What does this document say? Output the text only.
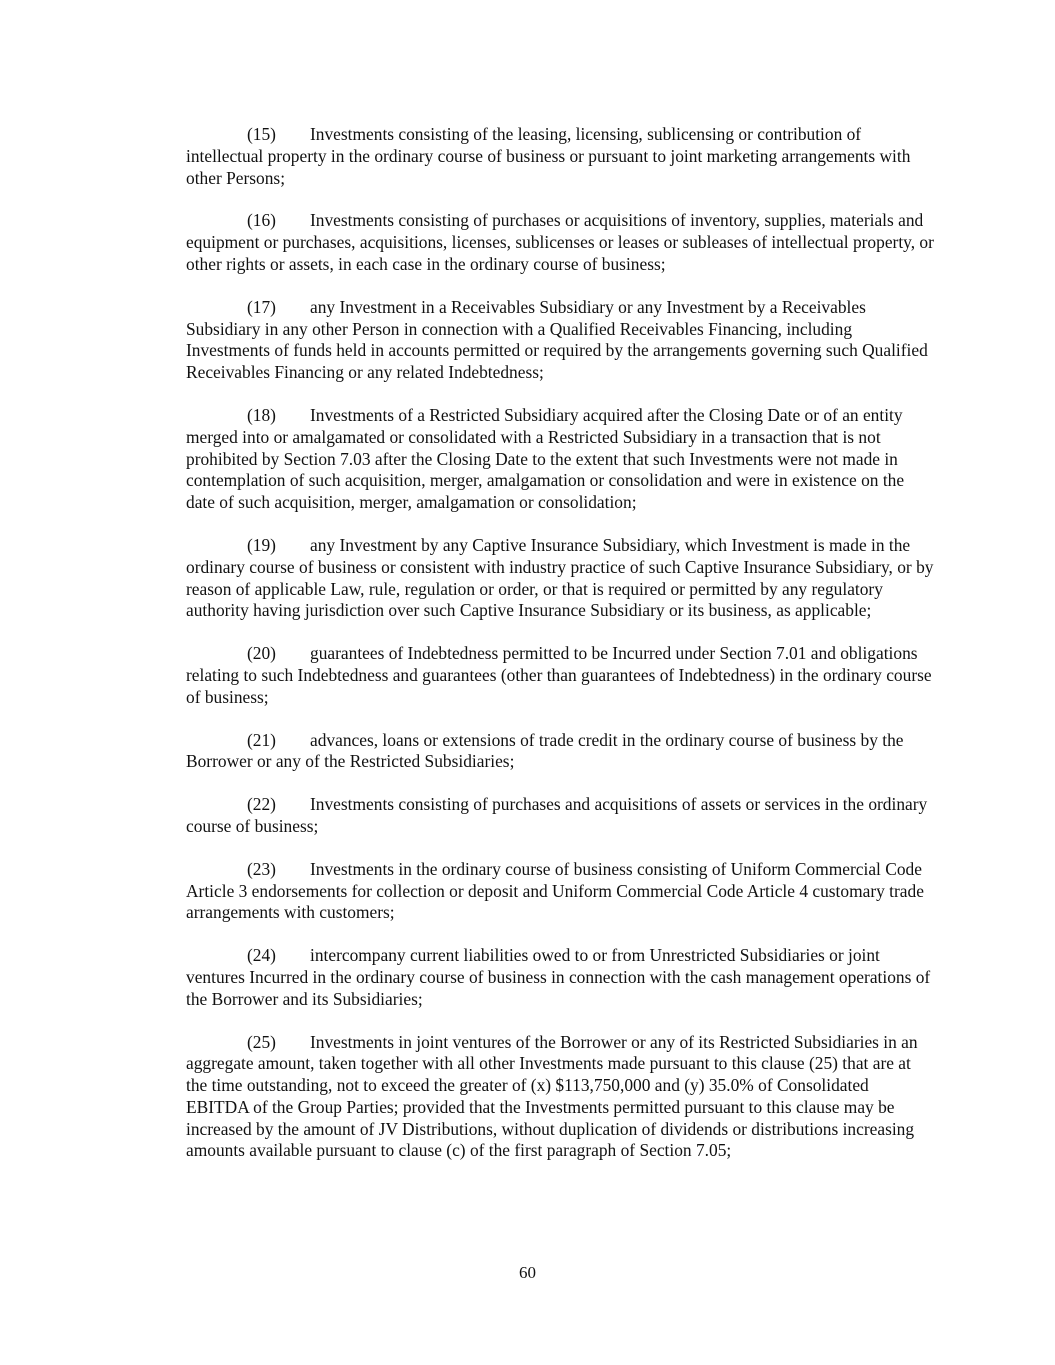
(15) Investments consisting of the leasing, licensing, sublicensing or contribution of intellectual property in the ordinary course of business or pursuant to joint marketing arrangements with other Persons;

(16) Investments consisting of purchases or acquisitions of inventory, supplies, materials and equipment or purchases, acquisitions, licenses, sublicenses or leases or subleases of intellectual property, or other rights or assets, in each case in the ordinary course of business;

(17) any Investment in a Receivables Subsidiary or any Investment by a Receivables Subsidiary in any other Person in connection with a Qualified Receivables Financing, including Investments of funds held in accounts permitted or required by the arrangements governing such Qualified Receivables Financing or any related Indebtedness;

(18) Investments of a Restricted Subsidiary acquired after the Closing Date or of an entity merged into or amalgamated or consolidated with a Restricted Subsidiary in a transaction that is not prohibited by Section 7.03 after the Closing Date to the extent that such Investments were not made in contemplation of such acquisition, merger, amalgamation or consolidation and were in existence on the date of such acquisition, merger, amalgamation or consolidation;

(19) any Investment by any Captive Insurance Subsidiary, which Investment is made in the ordinary course of business or consistent with industry practice of such Captive Insurance Subsidiary, or by reason of applicable Law, rule, regulation or order, or that is required or permitted by any regulatory authority having jurisdiction over such Captive Insurance Subsidiary or its business, as applicable;

(20) guarantees of Indebtedness permitted to be Incurred under Section 7.01 and obligations relating to such Indebtedness and guarantees (other than guarantees of Indebtedness) in the ordinary course of business;

(21) advances, loans or extensions of trade credit in the ordinary course of business by the Borrower or any of the Restricted Subsidiaries;

(22) Investments consisting of purchases and acquisitions of assets or services in the ordinary course of business;

(23) Investments in the ordinary course of business consisting of Uniform Commercial Code Article 3 endorsements for collection or deposit and Uniform Commercial Code Article 4 customary trade arrangements with customers;

(24) intercompany current liabilities owed to or from Unrestricted Subsidiaries or joint ventures Incurred in the ordinary course of business in connection with the cash management operations of the Borrower and its Subsidiaries;

(25) Investments in joint ventures of the Borrower or any of its Restricted Subsidiaries in an aggregate amount, taken together with all other Investments made pursuant to this clause (25) that are at the time outstanding, not to exceed the greater of (x) $113,750,000 and (y) 35.0% of Consolidated EBITDA of the Group Parties; provided that the Investments permitted pursuant to this clause may be increased by the amount of JV Distributions, without duplication of dividends or distributions increasing amounts available pursuant to clause (c) of the first paragraph of Section 7.05;

60
